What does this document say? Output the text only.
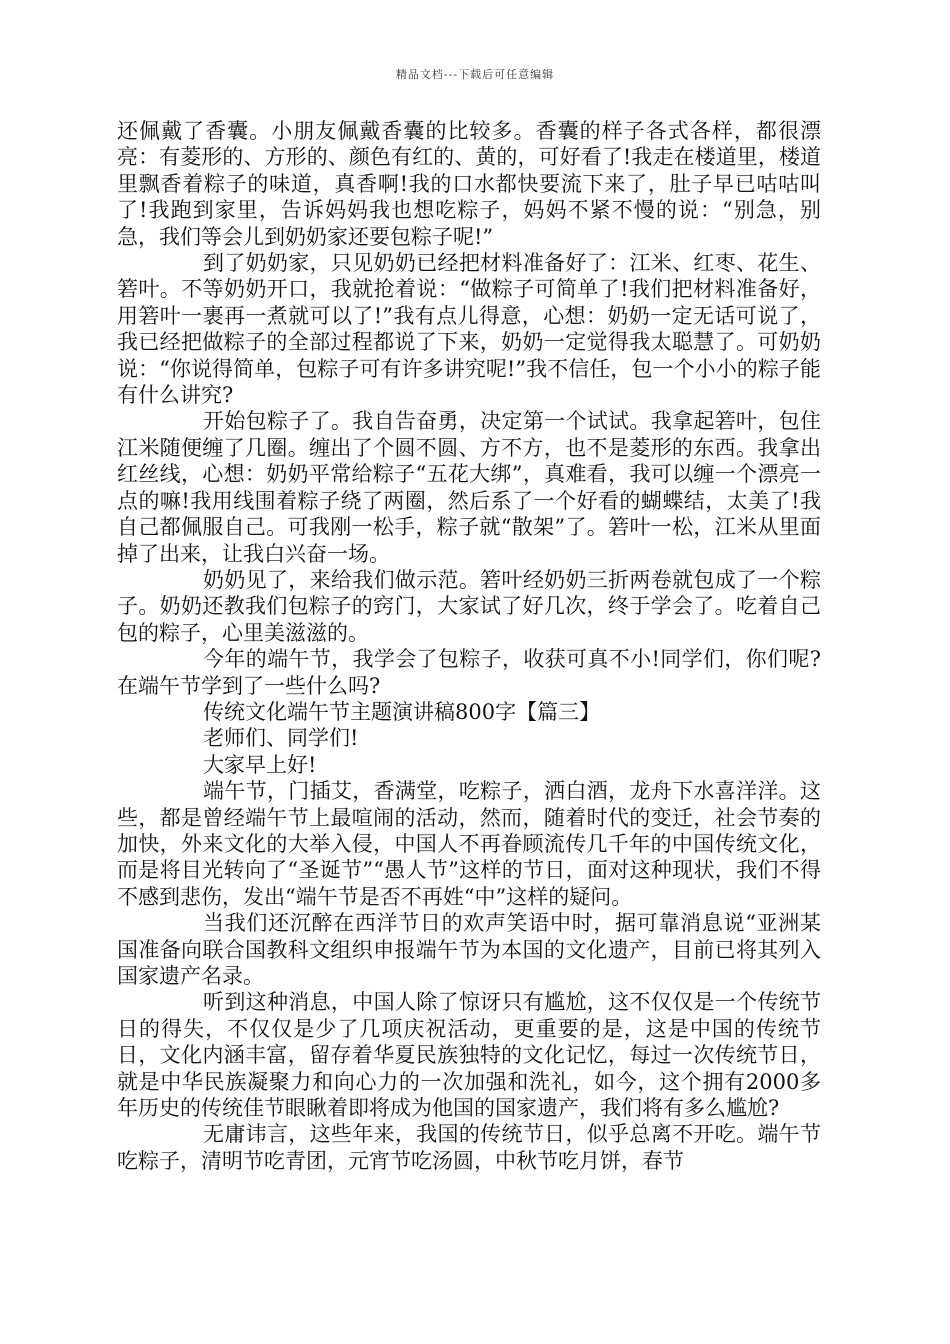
精品文档---下载后可任意编辑

还佩戴了香囊。小朋友佩戴香囊的比较多。香囊的样子各式各样，都很漂亮：有菱形的、方形的、颜色有红的、黄的，可好看了!我走在楼道里，楼道里飘香着粽子的味道，真香啊!我的口水都快要流下来了，肚子早已咕咕叫了!我跑到家里，告诉妈妈我也想吃粽子，妈妈不紧不慢的说：“别急，别急，我们等会儿到奶奶家还要包粽子呢!”

到了奶奶家，只见奶奶已经把材料准备好了：江米、红枣、花生、箬叶。不等奶奶开口，我就抢着说：“做粽子可简单了!我们把材料准备好，用箬叶一裹再一煮就可以了!”我有点儿得意，心想：奶奶一定无话可说了，我已经把做粽子的全部过程都说了下来，奶奶一定觉得我太聪慧了。可奶奶说：“你说得简单，包粽子可有许多讲究呢!”我不信任，包一个小小的粽子能有什么讲究?

开始包粽子了。我自告奋勇，决定第一个试试。我拿起箬叶，包住江米随便缠了几圈。缠出了个圆不圆、方不方，也不是菱形的东西。我拿出红丝线，心想：奶奶平常给粽子“五花大绑”，真难看，我可以缠一个漂亮一点的嘛!我用线围着粽子绕了两圈，然后系了一个好看的蝴蝶结，太美了!我自己都佩服自己。可我刚一松手，粽子就“散架”了。箬叶一松，江米从里面掉了出来，让我白兴奋一场。

奶奶见了，来给我们做示范。箬叶经奶奶三折两卷就包成了一个粽子。奶奶还教我们包粽子的窍门，大家试了好几次，终于学会了。吃着自己包的粽子，心里美滋滋的。

今年的端午节，我学会了包粽子，收获可真不小!同学们，你们呢?在端午节学到了一些什么吗?

传统文化端午节主题演讲稿800字【篇三】

老师们、同学们!

大家早上好!

端午节，门插艾，香满堂，吃粽子，洒白酒，龙舟下水喜洋洋。这些，都是曾经端午节上最喧闹的活动，然而，随着时代的变迁，社会节奏的加快，外来文化的大举入侵，中国人不再眷顾流传几千年的中国传统文化，而是将目光转向了“圣诞节”“愚人节”这样的节日，面对这种现状，我们不得不感到悲伤，发出“端午节是否不再姓“中”这样的疑问。

当我们还沉醉在西洋节日的欢声笑语中时，据可靠消息说“亚洲某国准备向联合国教科文组织申报端午节为本国的文化遗产，目前已将其列入国家遗产名录。

听到这种消息，中国人除了惊讶只有尴尬，这不仅仅是一个传统节日的得失，不仅仅是少了几项庆祝活动，更重要的是，这是中国的传统节日，文化内涵丰富，留存着华夏民族独特的文化记忆，每过一次传统节日，就是中华民族凝聚力和向心力的一次加强和洗礼，如今，这个拥有2000多年历史的传统佳节眼瞅着即将成为他国的国家遗产，我们将有多么尴尬?

无庸讳言，这些年来，我国的传统节日，似乎总离不开吃。端午节吃粽子，清明节吃青团，元宵节吃汤圆，中秋节吃月饼，春节
